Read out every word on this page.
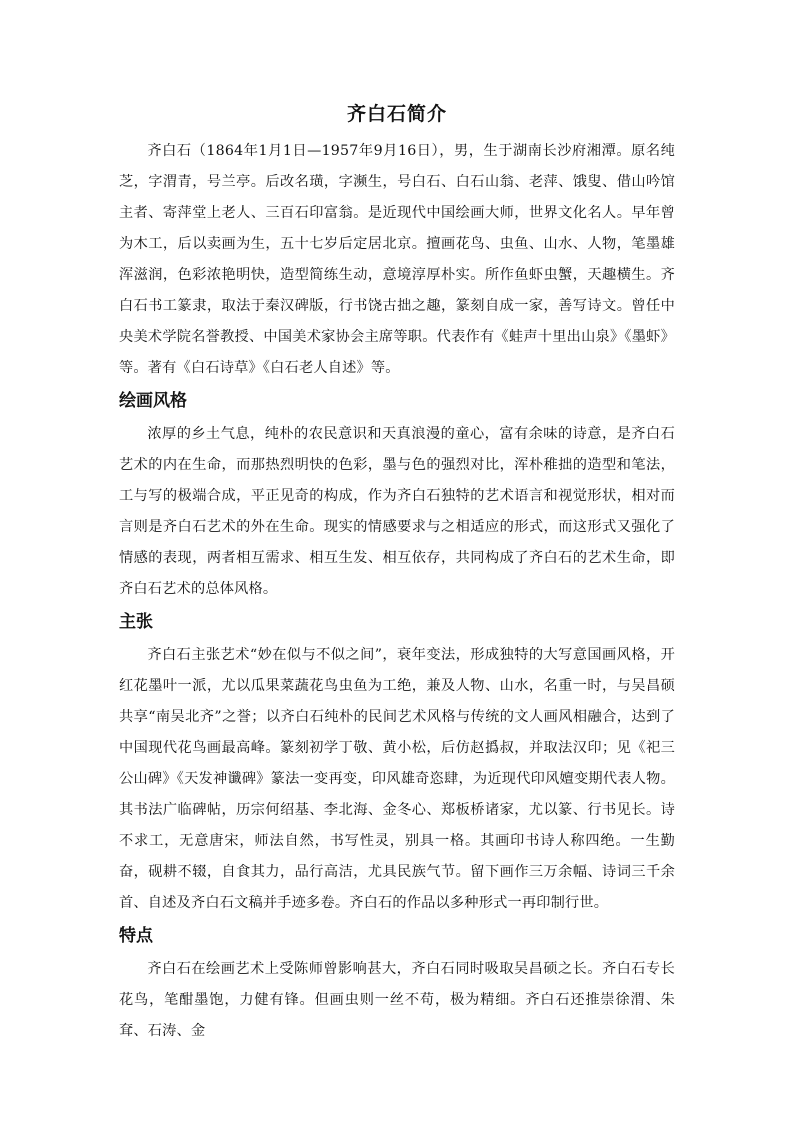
齐白石简介

齐白石（1864年1月1日—1957年9月16日），男，生于湖南长沙府湘潭。原名纯芝，字渭青，号兰亭。后改名璜，字濒生，号白石、白石山翁、老萍、饿叟、借山吟馆主者、寄萍堂上老人、三百石印富翁。是近现代中国绘画大师，世界文化名人。早年曾为木工，后以卖画为生，五十七岁后定居北京。擅画花鸟、虫鱼、山水、人物，笔墨雄浑滋润，色彩浓艳明快，造型简练生动，意境淳厚朴实。所作鱼虾虫蟹，天趣横生。齐白石书工篆隶，取法于秦汉碑版，行书饶古拙之趣，篆刻自成一家，善写诗文。曾任中央美术学院名誉教授、中国美术家协会主席等职。代表作有《蛙声十里出山泉》《墨虾》等。著有《白石诗草》《白石老人自述》等。

绘画风格

浓厚的乡土气息，纯朴的农民意识和天真浪漫的童心，富有余味的诗意，是齐白石艺术的内在生命，而那热烈明快的色彩，墨与色的强烈对比，浑朴稚拙的造型和笔法，工与写的极端合成，平正见奇的构成，作为齐白石独特的艺术语言和视觉形状，相对而言则是齐白石艺术的外在生命。现实的情感要求与之相适应的形式，而这形式又强化了情感的表现，两者相互需求、相互生发、相互依存，共同构成了齐白石的艺术生命，即齐白石艺术的总体风格。

主张

齐白石主张艺术“妙在似与不似之间”，衰年变法，形成独特的大写意国画风格，开红花墨叶一派，尤以瓜果菜蔬花鸟虫鱼为工绝，兼及人物、山水，名重一时，与吴昌硕共享“南吴北齐”之誉；以齐白石纯朴的民间艺术风格与传统的文人画风相融合，达到了中国现代花鸟画最高峰。篆刻初学丁敬、黄小松，后仿赵撝叔，并取法汉印；见《祀三公山碑》《天发神谶碑》篆法一变再变，印风雄奇恣肆，为近现代印风嬗变期代表人物。其书法广临碑帖，历宗何绍基、李北海、金冬心、郑板桥诸家，尤以篆、行书见长。诗不求工，无意唐宋，师法自然，书写性灵，别具一格。其画印书诗人称四绝。一生勤奋，砚耕不辍，自食其力，品行高洁，尤具民族气节。留下画作三万余幅、诗词三千余首、自述及齐白石文稿并手迹多卷。齐白石的作品以多种形式一再印制行世。

特点

齐白石在绘画艺术上受陈师曾影响甚大，齐白石同时吸取吴昌硕之长。齐白石专长花鸟，笔酣墨饱，力健有锋。但画虫则一丝不苟，极为精细。齐白石还推崇徐渭、朱耷、石涛、金
